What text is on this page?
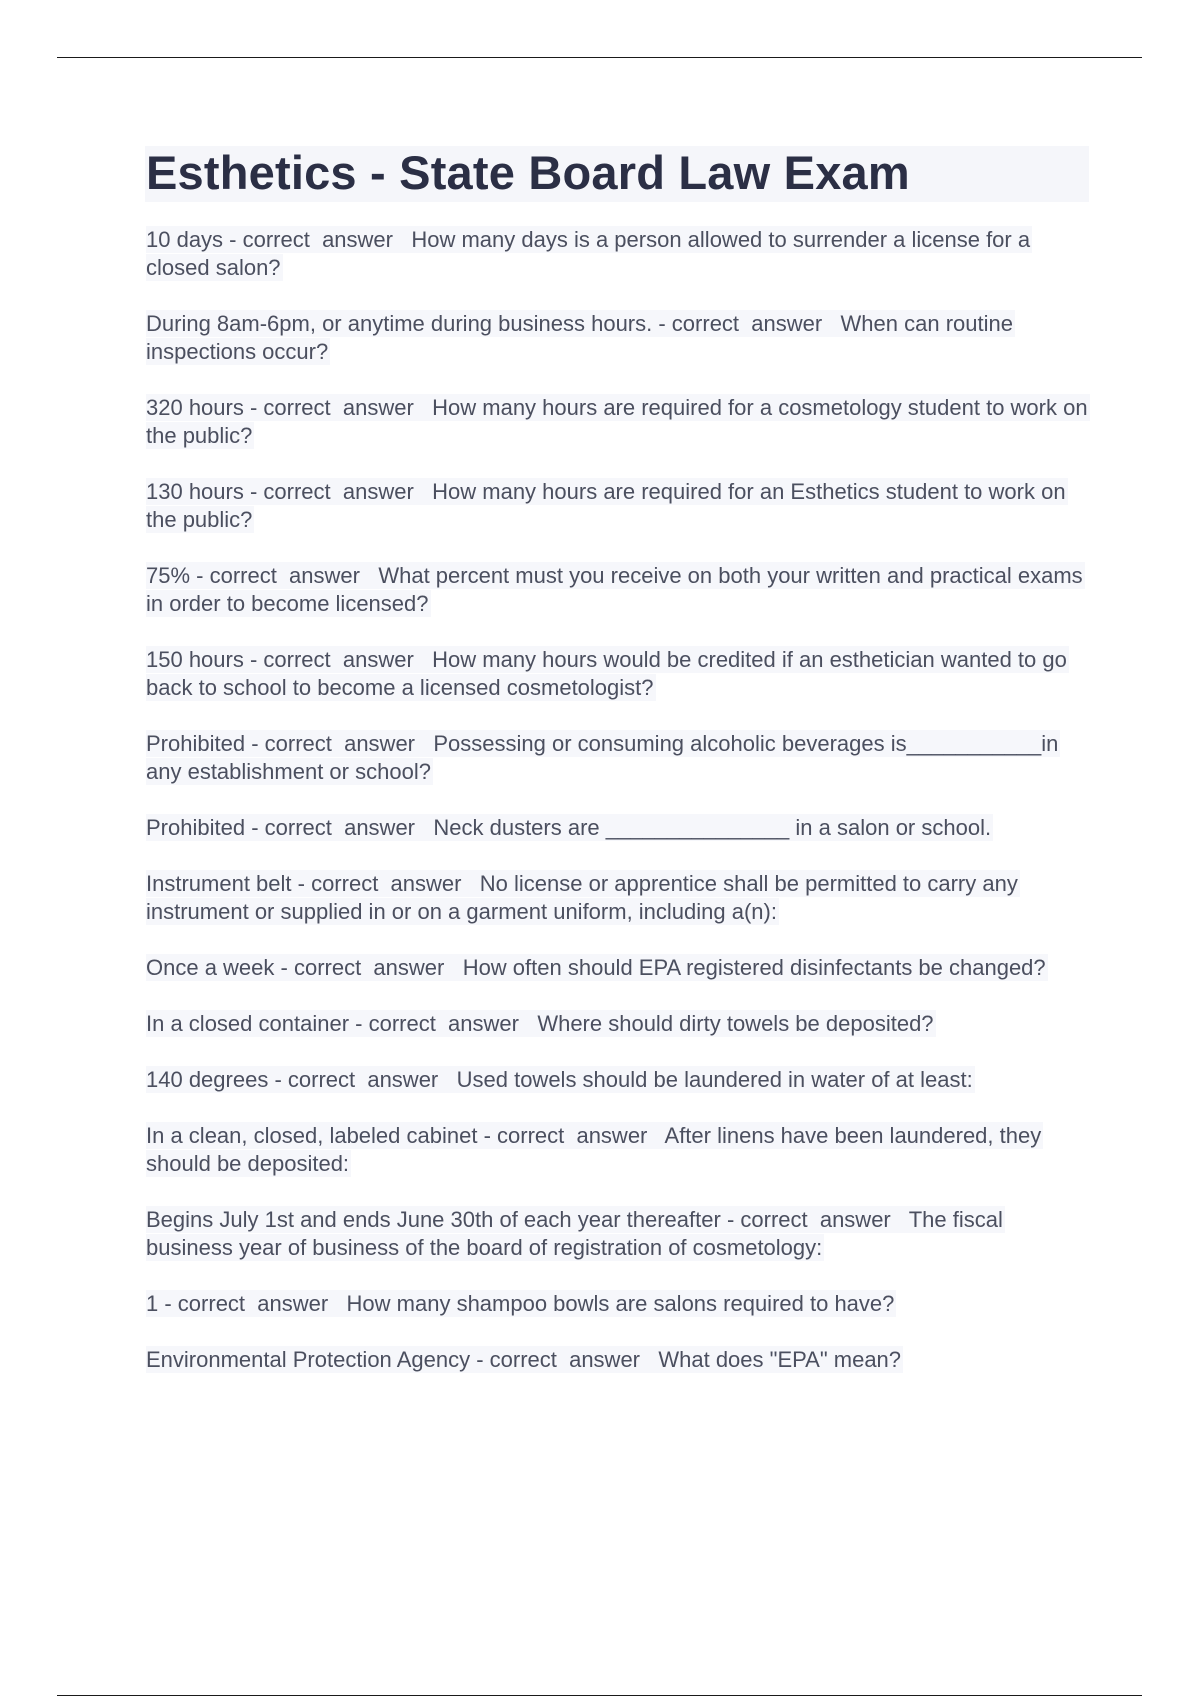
Esthetics - State Board Law Exam
10 days - correct  answer   How many days is a person allowed to surrender a license for a closed salon?
During 8am-6pm, or anytime during business hours. - correct  answer   When can routine inspections occur?
320 hours - correct  answer   How many hours are required for a cosmetology student to work on the public?
130 hours - correct  answer   How many hours are required for an Esthetics student to work on the public?
75% - correct  answer   What percent must you receive on both your written and practical exams in order to become licensed?
150 hours - correct  answer   How many hours would be credited if an esthetician wanted to go back to school to become a licensed cosmetologist?
Prohibited - correct  answer   Possessing or consuming alcoholic beverages is___________in any establishment or school?
Prohibited - correct  answer   Neck dusters are _______________ in a salon or school.
Instrument belt - correct  answer   No license or apprentice shall be permitted to carry any instrument or supplied in or on a garment uniform, including a(n):
Once a week - correct  answer   How often should EPA registered disinfectants be changed?
In a closed container - correct  answer   Where should dirty towels be deposited?
140 degrees - correct  answer   Used towels should be laundered in water of at least:
In a clean, closed, labeled cabinet - correct  answer   After linens have been laundered, they should be deposited:
Begins July 1st and ends June 30th of each year thereafter - correct  answer   The fiscal business year of business of the board of registration of cosmetology:
1 - correct  answer   How many shampoo bowls are salons required to have?
Environmental Protection Agency - correct  answer   What does "EPA" mean?
